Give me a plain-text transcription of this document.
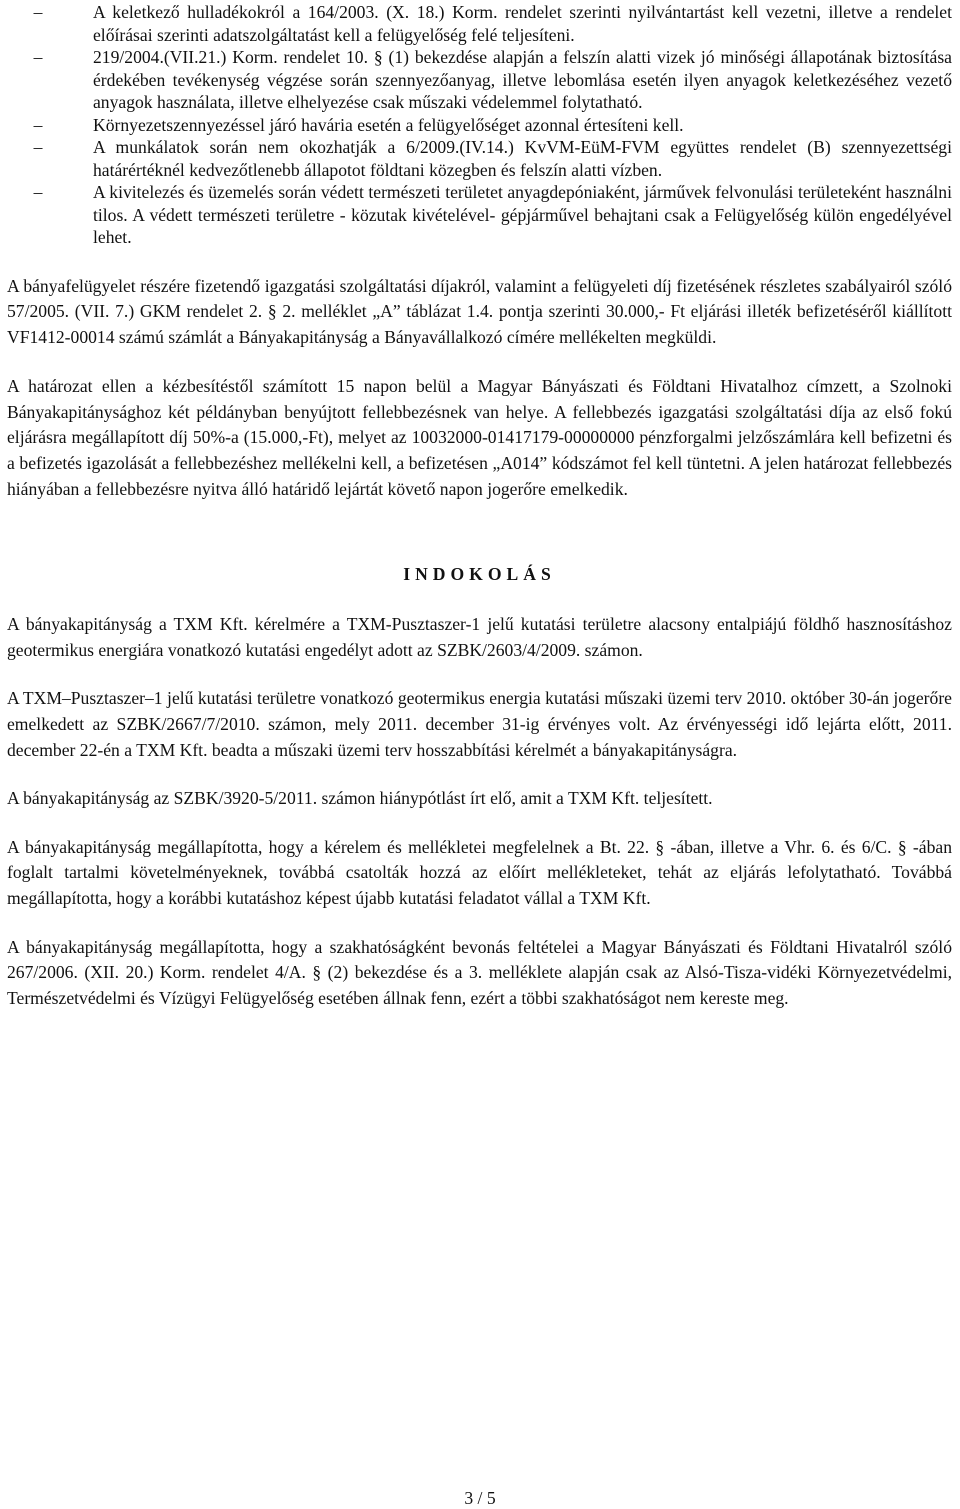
–	A keletkező hulladékokról a 164/2003. (X. 18.) Korm. rendelet szerinti nyilvántartást kell vezetni, illetve a rendelet előírásai szerinti adatszolgáltatást kell a felügyelőség felé teljesíteni.
–	219/2004.(VII.21.) Korm. rendelet 10. § (1) bekezdése alapján a felszín alatti vizek jó minőségi állapotának biztosítása érdekében tevékenység végzése során szennyezőanyag, illetve lebomlása esetén ilyen anyagok keletkezéséhez vezető anyagok használata, illetve elhelyezése csak műszaki védelemmel folytatható.
–	Környezetszennyezéssel járó havária esetén a felügyelőséget azonnal értesíteni kell.
–	A munkálatok során nem okozhatják a 6/2009.(IV.14.) KvVM-EüM-FVM együttes rendelet (B) szennyezettségi határértéknél kedvezőtlenebb állapotot földtani közegben és felszín alatti vízben.
–	A kivitelezés és üzemelés során védett természeti területet anyagdepóniaként, járművek felvonulási területeként használni tilos. A védett természeti területre - közutak kivételével- gépjárművel behajtani csak a Felügyelőség külön engedélyével lehet.

A bányafelügyelet részére fizetendő igazgatási szolgáltatási díjakról, valamint a felügyeleti díj fizetésének részletes szabályairól szóló 57/2005. (VII. 7.) GKM rendelet 2. § 2. melléklet „A” táblázat 1.4. pontja szerinti 30.000,- Ft eljárási illeték befizetéséről kiállított VF1412-00014 számú számlát a Bányakapitányság a Bányavállalkozó címére mellékelten megküldi.

A határozat ellen a kézbesítéstől számított 15 napon belül a Magyar Bányászati és Földtani Hivatalhoz címzett, a Szolnoki Bányakapitánysághoz két példányban benyújtott fellebbezésnek van helye. A fellebbezés igazgatási szolgáltatási díja az első fokú eljárásra megállapított díj 50%-a (15.000,-Ft), melyet az 10032000-01417179-00000000 pénzforgalmi jelzőszámlára kell befizetni és a befizetés igazolását a fellebbezéshez mellékelni kell, a befizetésen „A014” kódszámot fel kell tüntetni. A jelen határozat fellebbezés hiányában a fellebbezésre nyitva álló határidő lejártát követő napon jogerőre emelkedik.

INDOKOLÁS

A bányakapitányság a TXM Kft. kérelmére a TXM-Pusztaszer-1 jelű kutatási területre alacsony entalpiájú földhő hasznosításhoz geotermikus energiára vonatkozó kutatási engedélyt adott az SZBK/2603/4/2009. számon.

A TXM–Pusztaszer–1 jelű kutatási területre vonatkozó geotermikus energia kutatási műszaki üzemi terv 2010. október 30-án jogerőre emelkedett az SZBK/2667/7/2010. számon, mely 2011. december 31-ig érvényes volt. Az érvényességi idő lejárta előtt, 2011. december 22-én a TXM Kft. beadta a műszaki üzemi terv hosszabbítási kérelmét a bányakapitányságra.

A bányakapitányság az SZBK/3920-5/2011. számon hiánypótlást írt elő, amit a TXM Kft. teljesített.

A bányakapitányság megállapította, hogy a kérelem és mellékletei megfelelnek a Bt. 22. § -ában, illetve a Vhr. 6. és 6/C. § -ában foglalt tartalmi követelményeknek, továbbá csatolták hozzá az előírt mellékleteket, tehát az eljárás lefolytatható. Továbbá megállapította, hogy a korábbi kutatáshoz képest újabb kutatási feladatot vállal a TXM Kft.

A bányakapitányság megállapította, hogy a szakhatóságként bevonás feltételei a Magyar Bányászati és Földtani Hivatalról szóló 267/2006. (XII. 20.) Korm. rendelet 4/A. § (2) bekezdése és a 3. melléklete alapján csak az Alsó-Tisza-vidéki Környezetvédelmi, Természetvédelmi és Vízügyi Felügyelőség esetében állnak fenn, ezért a többi szakhatóságot nem kereste meg.

3 / 5
